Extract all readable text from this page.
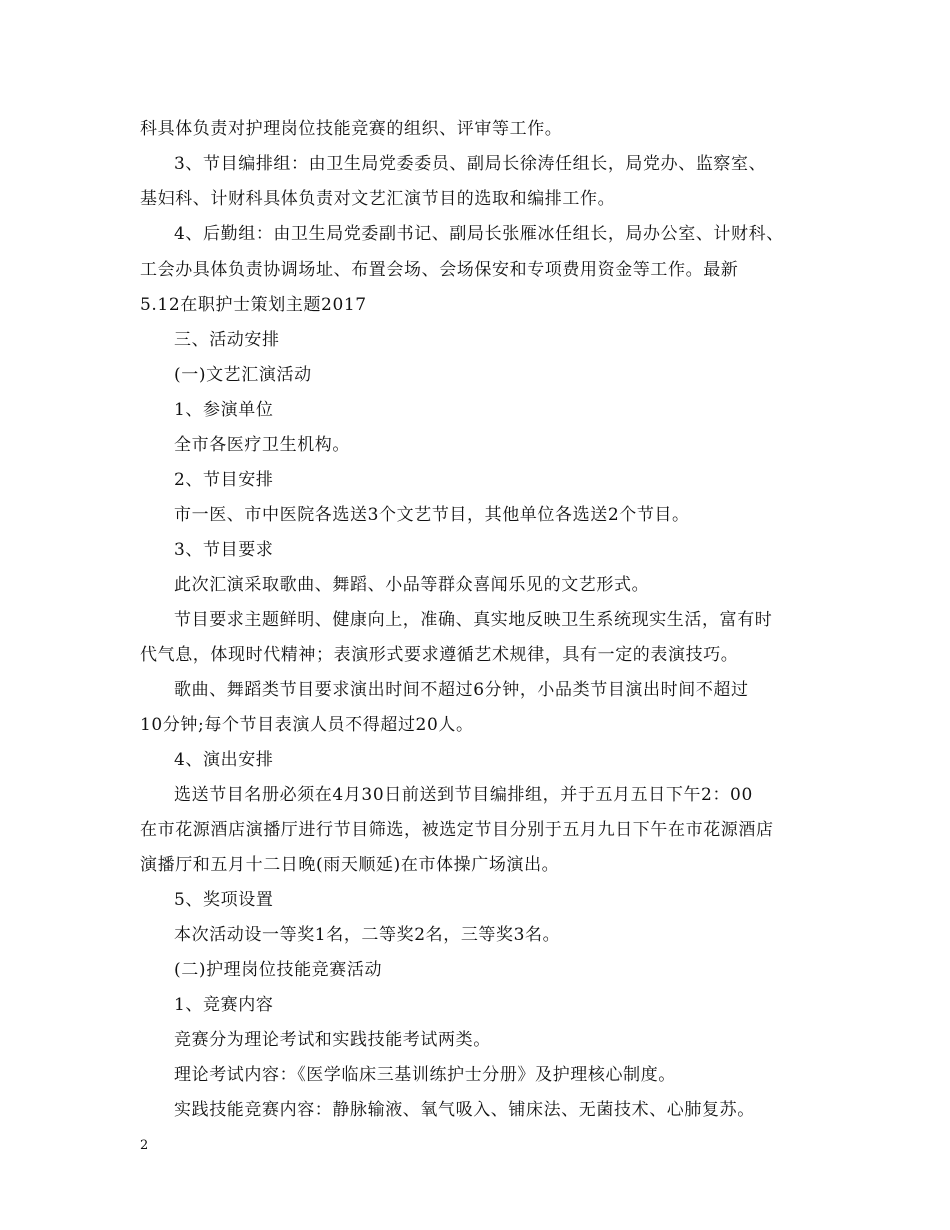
科具体负责对护理岗位技能竞赛的组织、评审等工作。
3、节目编排组：由卫生局党委委员、副局长徐涛任组长，局党办、监察室、
基妇科、计财科具体负责对文艺汇演节目的选取和编排工作。
4、后勤组：由卫生局党委副书记、副局长张雁冰任组长，局办公室、计财科、
工会办具体负责协调场址、布置会场、会场保安和专项费用资金等工作。最新
5.12在职护士策划主题2017
三、活动安排
(一)文艺汇演活动
1、参演单位
全市各医疗卫生机构。
2、节目安排
市一医、市中医院各选送3个文艺节目，其他单位各选送2个节目。
3、节目要求
此次汇演采取歌曲、舞蹈、小品等群众喜闻乐见的文艺形式。
节目要求主题鲜明、健康向上，准确、真实地反映卫生系统现实生活，富有时
代气息，体现时代精神；表演形式要求遵循艺术规律，具有一定的表演技巧。
歌曲、舞蹈类节目要求演出时间不超过6分钟，小品类节目演出时间不超过
10分钟;每个节目表演人员不得超过20人。
4、演出安排
选送节目名册必须在4月30日前送到节目编排组，并于五月五日下午2：00
在市花源酒店演播厅进行节目筛选，被选定节目分别于五月九日下午在市花源酒店
演播厅和五月十二日晚(雨天顺延)在市体操广场演出。
5、奖项设置
本次活动设一等奖1名，二等奖2名，三等奖3名。
(二)护理岗位技能竞赛活动
1、竞赛内容
竞赛分为理论考试和实践技能考试两类。
理论考试内容：《医学临床三基训练护士分册》及护理核心制度。
实践技能竞赛内容：静脉输液、氧气吸入、铺床法、无菌技术、心肺复苏。
2
